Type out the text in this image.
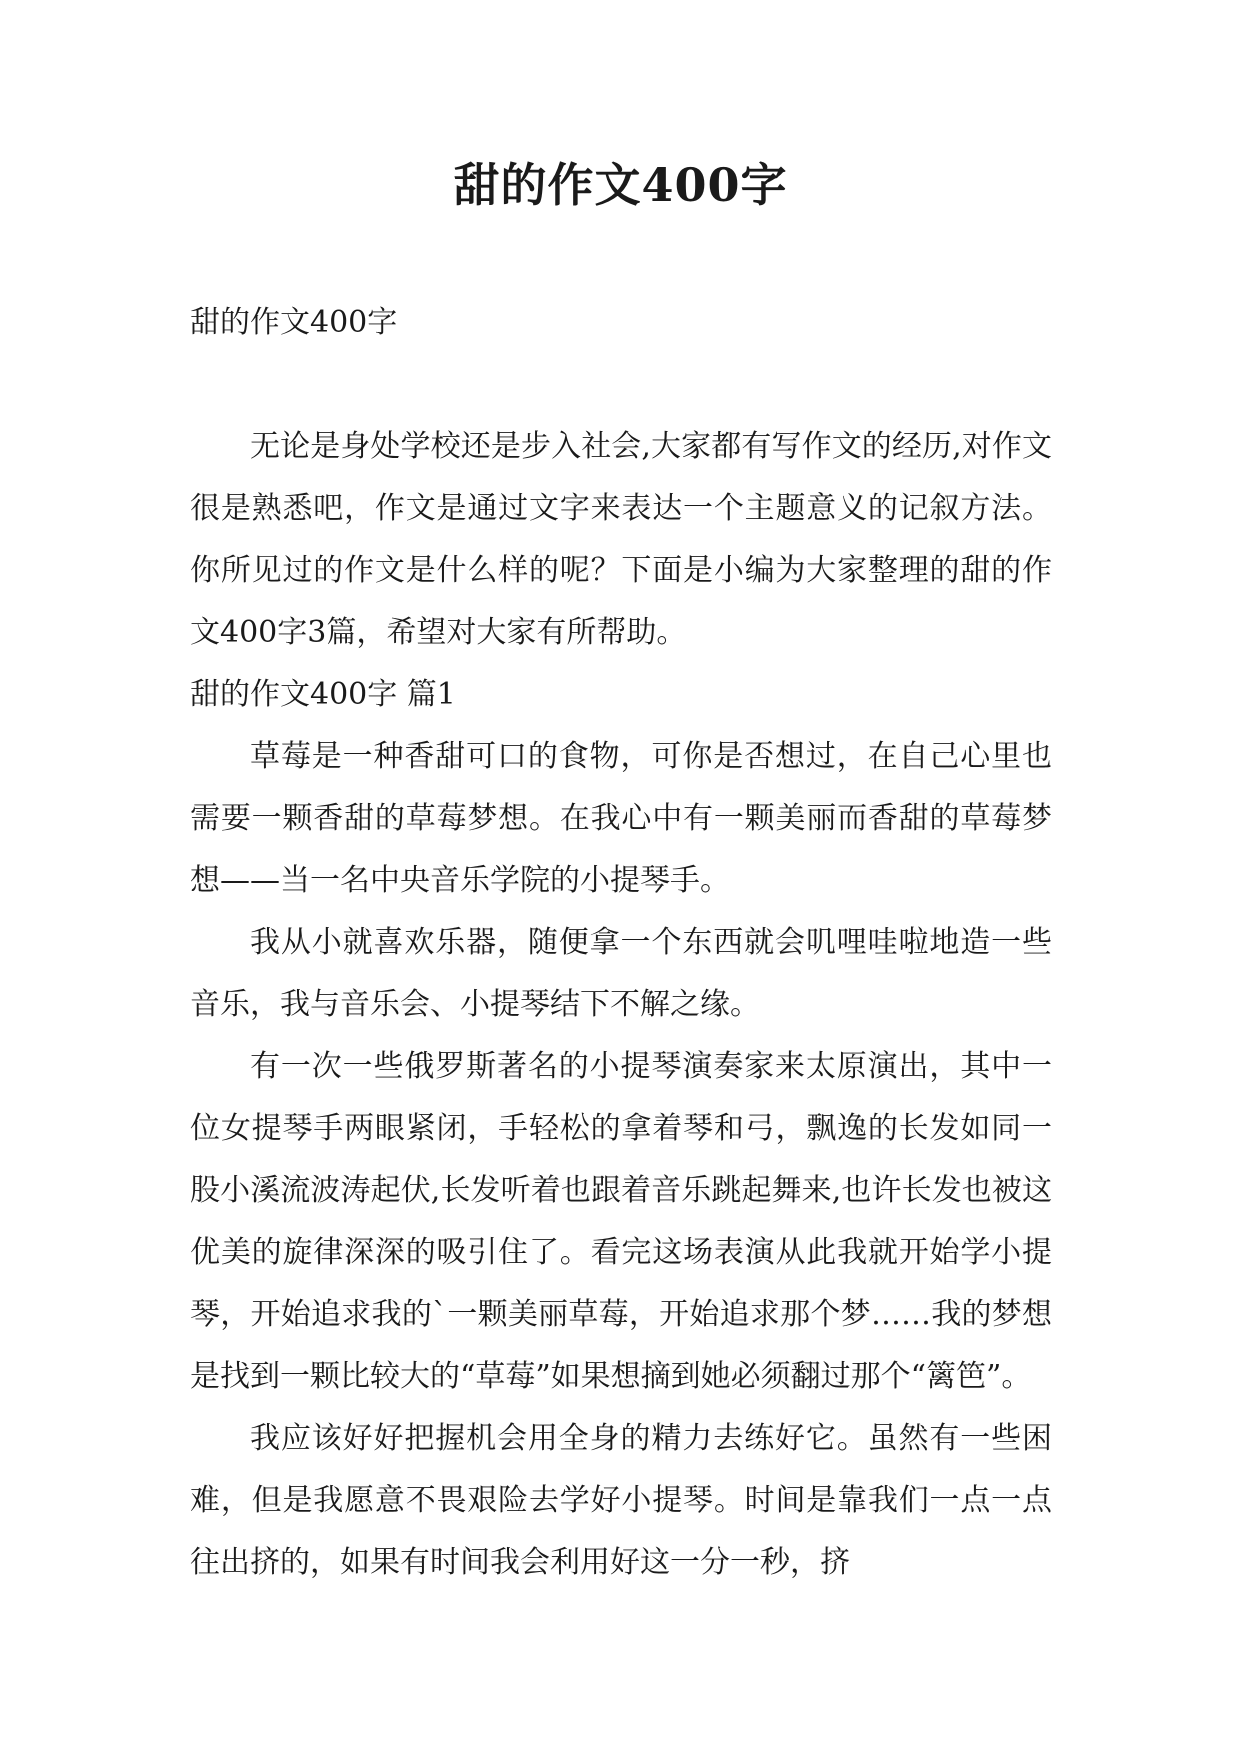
甜的作文400字

甜的作文400字

无论是身处学校还是步入社会,大家都有写作文的经历,对作文很是熟悉吧，作文是通过文字来表达一个主题意义的记叙方法。你所见过的作文是什么样的呢？下面是小编为大家整理的甜的作文400字3篇，希望对大家有所帮助。

甜的作文400字 篇1

草莓是一种香甜可口的食物，可你是否想过，在自己心里也需要一颗香甜的草莓梦想。在我心中有一颗美丽而香甜的草莓梦想——当一名中央音乐学院的小提琴手。

我从小就喜欢乐器，随便拿一个东西就会叽哩哇啦地造一些音乐，我与音乐会、小提琴结下不解之缘。

有一次一些俄罗斯著名的小提琴演奏家来太原演出，其中一位女提琴手两眼紧闭，手轻松的拿着琴和弓，飘逸的长发如同一股小溪流波涛起伏,长发听着也跟着音乐跳起舞来,也许长发也被这优美的旋律深深的吸引住了。看完这场表演从此我就开始学小提琴，开始追求我的`一颗美丽草莓，开始追求那个梦……我的梦想是找到一颗比较大的“草莓”如果想摘到她必须翻过那个“篱笆”。

我应该好好把握机会用全身的精力去练好它。虽然有一些困难，但是我愿意不畏艰险去学好小提琴。时间是靠我们一点一点往出挤的，如果有时间我会利用好这一分一秒，挤
